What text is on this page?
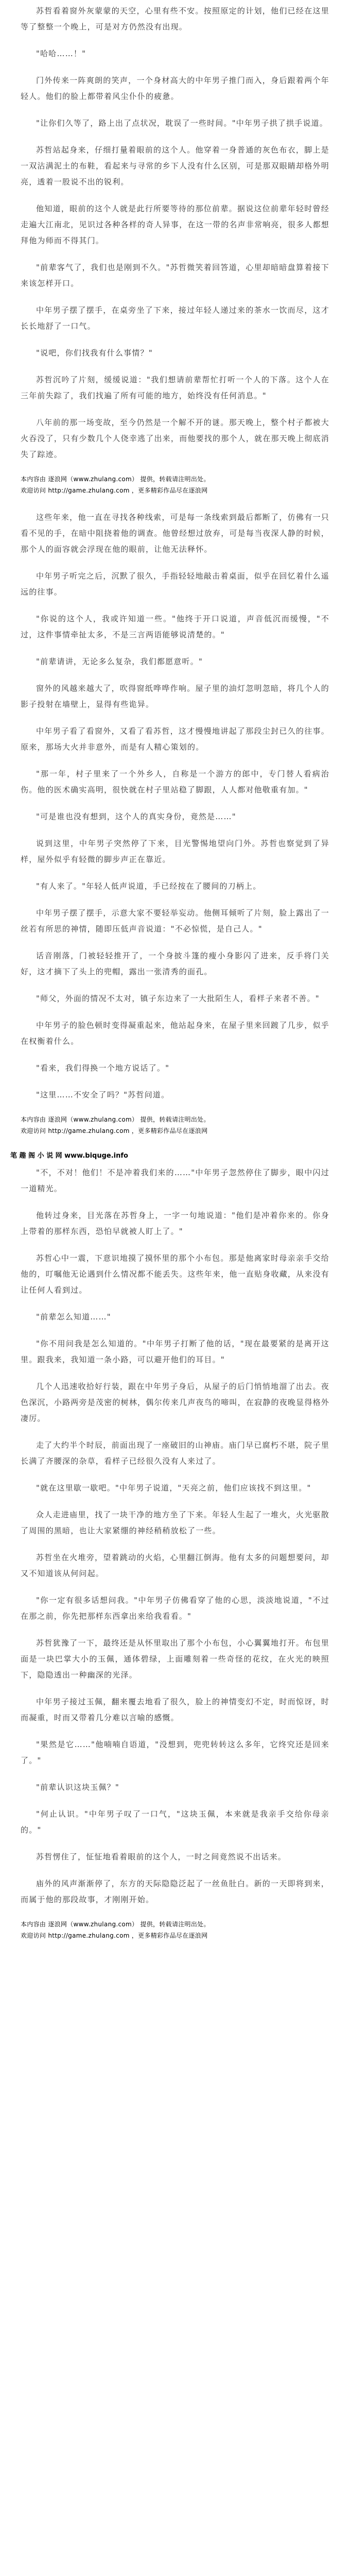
苏哲看着窗外灰蒙蒙的天空，心里有些不安。按照原定的计划，他们已经在这里等了整整一个晚上，可是对方仍然没有出现。

"哈哈……！"

门外传来一阵爽朗的笑声，一个身材高大的中年男子推门而入，身后跟着两个年轻人。他们的脸上都带着风尘仆仆的疲惫。

"让你们久等了，路上出了点状况，耽误了一些时间。"中年男子拱了拱手说道。

苏哲站起身来，仔细打量着眼前的这个人。他穿着一身普通的灰色布衣，脚上是一双沾满泥土的布鞋，看起来与寻常的乡下人没有什么区别，可是那双眼睛却格外明亮，透着一股说不出的锐利。

他知道，眼前的这个人就是此行所要等待的那位前辈。据说这位前辈年轻时曾经走遍大江南北，见识过各种各样的奇人异事，在这一带的名声非常响亮，很多人都想拜他为师而不得其门。

"前辈客气了，我们也是刚到不久。"苏哲微笑着回答道，心里却暗暗盘算着接下来该怎样开口。

中年男子摆了摆手，在桌旁坐了下来，接过年轻人递过来的茶水一饮而尽，这才长长地舒了一口气。

"说吧，你们找我有什么事情？"

苏哲沉吟了片刻，缓缓说道："我们想请前辈帮忙打听一个人的下落。这个人在三年前失踪了，我们找遍了所有可能的地方，始终没有任何消息。"

八年前的那一场变故，至今仍然是一个解不开的谜。那天晚上，整个村子都被大火吞没了，只有少数几个人侥幸逃了出来，而他要找的那个人，就在那天晚上彻底消失了踪迹。

本内容由 逐浪网（www.zhulang.com） 提供，转载请注明出处。
欢迎访问 http://game.zhulang.com ，更多精彩作品尽在逐浪网

这些年来，他一直在寻找各种线索，可是每一条线索到最后都断了，仿佛有一只看不见的手，在暗中阻挠着他的调查。他曾经想过放弃，可是每当夜深人静的时候，那个人的面容就会浮现在他的眼前，让他无法释怀。

中年男子听完之后，沉默了很久，手指轻轻地敲击着桌面，似乎在回忆着什么遥远的往事。

"你说的这个人，我或许知道一些。"他终于开口说道，声音低沉而缓慢，"不过，这件事情牵扯太多，不是三言两语能够说清楚的。"

"前辈请讲，无论多么复杂，我们都愿意听。"

窗外的风越来越大了，吹得窗纸哗哗作响。屋子里的油灯忽明忽暗，将几个人的影子投射在墙壁上，显得有些诡异。

中年男子看了看窗外，又看了看苏哲，这才慢慢地讲起了那段尘封已久的往事。原来，那场大火并非意外，而是有人精心策划的。

"那一年，村子里来了一个外乡人，自称是一个游方的郎中，专门替人看病治伤。他的医术确实高明，很快就在村子里站稳了脚跟，人人都对他敬重有加。"

"可是谁也没有想到，这个人的真实身份，竟然是……"

说到这里，中年男子突然停了下来，目光警惕地望向门外。苏哲也察觉到了异样，屋外似乎有轻微的脚步声正在靠近。

"有人来了。"年轻人低声说道，手已经按在了腰间的刀柄上。

中年男子摆了摆手，示意大家不要轻举妄动。他侧耳倾听了片刻，脸上露出了一丝若有所思的神情，随即压低声音说道："不必惊慌，是自己人。"

话音刚落，门被轻轻推开了，一个身披斗篷的瘦小身影闪了进来，反手将门关好，这才摘下了头上的兜帽，露出一张清秀的面孔。

"师父，外面的情况不太对，镇子东边来了一大批陌生人，看样子来者不善。"

中年男子的脸色顿时变得凝重起来，他站起身来，在屋子里来回踱了几步，似乎在权衡着什么。

"看来，我们得换一个地方说话了。"

"这里……不安全了吗？"苏哲问道。

本内容由 逐浪网（www.zhulang.com） 提供，转载请注明出处。
欢迎访问 http://game.zhulang.com ，更多精彩作品尽在逐浪网
笔 趣 阁 小 说 网 www.biquge.info

"不，不对！他们！不是冲着我们来的……"中年男子忽然停住了脚步，眼中闪过一道精光。

他转过身来，目光落在苏哲身上，一字一句地说道："他们是冲着你来的。你身上带着的那样东西，恐怕早就被人盯上了。"

苏哲心中一震，下意识地摸了摸怀里的那个小布包。那是他离家时母亲亲手交给他的，叮嘱他无论遇到什么情况都不能丢失。这些年来，他一直贴身收藏，从来没有让任何人看到过。

"前辈怎么知道……"

"你不用问我是怎么知道的。"中年男子打断了他的话，"现在最要紧的是离开这里。跟我来，我知道一条小路，可以避开他们的耳目。"

几个人迅速收拾好行装，跟在中年男子身后，从屋子的后门悄悄地溜了出去。夜色深沉，小路两旁是茂密的树林，偶尔传来几声夜鸟的啼叫，在寂静的夜晚显得格外凄厉。

走了大约半个时辰，前面出现了一座破旧的山神庙。庙门早已腐朽不堪，院子里长满了齐腰深的杂草，看样子已经很久没有人来过了。

"就在这里歇一歇吧。"中年男子说道，"天亮之前，他们应该找不到这里。"

众人走进庙里，找了一块干净的地方坐了下来。年轻人生起了一堆火，火光驱散了周围的黑暗，也让大家紧绷的神经稍稍放松了一些。

苏哲坐在火堆旁，望着跳动的火焰，心里翻江倒海。他有太多的问题想要问，却又不知道该从何问起。

"你一定有很多话想问我。"中年男子仿佛看穿了他的心思，淡淡地说道，"不过在那之前，你先把那样东西拿出来给我看看。"

苏哲犹豫了一下，最终还是从怀里取出了那个小布包，小心翼翼地打开。布包里面是一块巴掌大小的玉佩，通体碧绿，上面雕刻着一些奇怪的花纹，在火光的映照下，隐隐透出一种幽深的光泽。

中年男子接过玉佩，翻来覆去地看了很久，脸上的神情变幻不定，时而惊讶，时而凝重，时而又带着几分难以言喻的感慨。

"果然是它……"他喃喃自语道，"没想到，兜兜转转这么多年，它终究还是回来了。"

"前辈认识这块玉佩？"

"何止认识。"中年男子叹了一口气，"这块玉佩，本来就是我亲手交给你母亲的。"

苏哲愣住了，怔怔地看着眼前的这个人，一时之间竟然说不出话来。

庙外的风声渐渐停了，东方的天际隐隐泛起了一丝鱼肚白。新的一天即将到来，而属于他的那段故事，才刚刚开始。

本内容由 逐浪网（www.zhulang.com） 提供，转载请注明出处。
欢迎访问 http://game.zhulang.com ，更多精彩作品尽在逐浪网
